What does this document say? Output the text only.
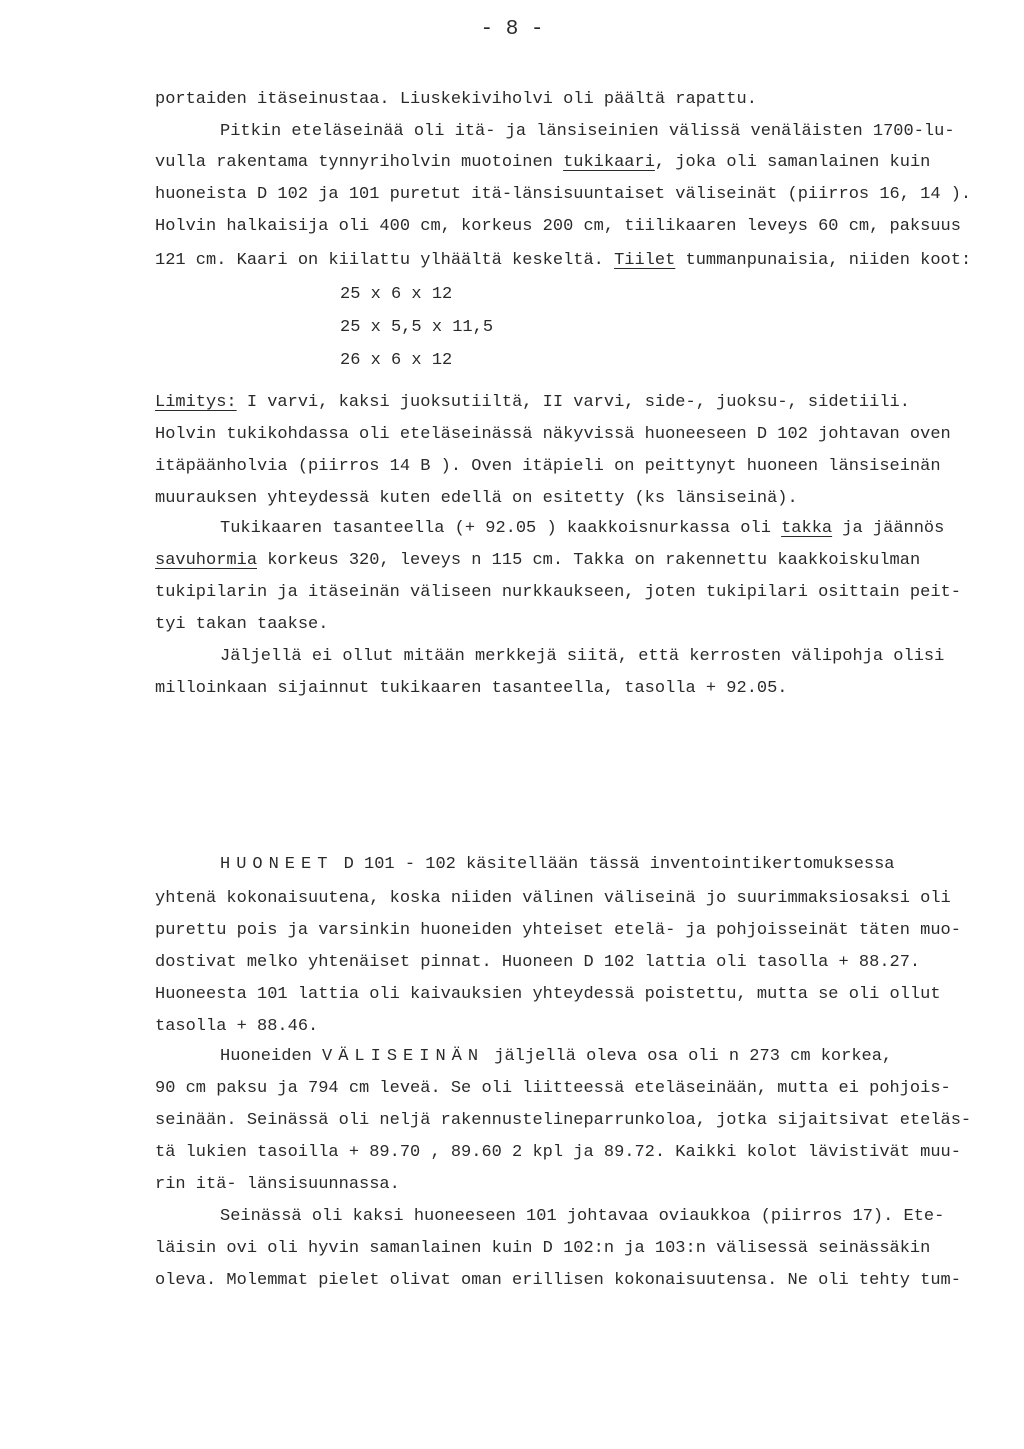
- 8 -
portaiden itäseinustaa. Liuskekiviholvi oli päältä rapattu.
Pitkin eteläseinää oli itä- ja länsiseinien välissä venäläisten 1700-lu-
vulla rakentama tynnyriholvin muotoinen tukikaari, joka oli samanlainen kuin
huoneista D 102 ja 101 puretut itä-länsisuuntaiset väliseinät (piirros 16, 14 ).
Holvin halkaisija oli 400 cm, korkeus 200 cm, tiilikaaren leveys 60 cm, paksuus
121 cm. Kaari on kiilattu ylhäältä keskeltä. Tiilet tummanpunaisia, niiden koot:
25 x 6 x 12
25 x 5,5 x 11,5
26 x 6 x 12
Limitys: I varvi, kaksi juoksutiiltä, II varvi, side-, juoksu-, sidetiili.
Holvin tukikohdassa oli eteläseinässä näkyvissä huoneeseen D 102 johtavan oven
itäpäänholvia (piirros 14 B ). Oven itäpieli on peittynyt huoneen länsiseinän
muurauksen yhteydessä kuten edellä on esitetty (ks länsiseinä).
Tukikaaren tasanteella (+ 92.05 ) kaakkoisnurkassa oli takka ja jäännös
savuhormia korkeus 320, leveys n 115 cm. Takka on rakennettu kaakkoiskulman
tukipilarin ja itäseinän väliseen nurkkaukseen, joten tukipilari osittain peit-
tyi takan taakse.
Jäljellä ei ollut mitään merkkejä siitä, että kerrosten välipohja olisi
milloinkaan sijainnut tukikaaren tasanteella, tasolla + 92.05.
HUONEET D 101 - 102 käsitellään tässä inventointikertomuksessa
yhtenä kokonaisuutena, koska niiden välinen väliseinä jo suurimmaksiosaksi oli
purettu pois ja varsinkin huoneiden yhteiset etelä- ja pohjoisseinät täten muo-
dostivat melko yhtenäiset pinnat. Huoneen D 102 lattia oli tasolla + 88.27.
Huoneesta 101 lattia oli kaivauksien yhteydessä poistettu, mutta se oli ollut
tasolla + 88.46.
Huoneiden VÄLISEINÄN jäljellä oleva osa oli n 273 cm korkea,
90 cm paksu ja 794 cm leveä. Se oli liitteessä eteläseinään, mutta ei pohjois-
seinään. Seinässä oli neljä rakennustelineparrunkoloa, jotka sijaitsivat eteläs-
tä lukien tasoilla + 89.70 , 89.60 2 kpl ja 89.72. Kaikki kolot lävistivät muu-
rin itä- länsisuunnassa.
Seinässä oli kaksi huoneeseen 101 johtavaa oviaukkoa (piirros 17). Ete-
läisin ovi oli hyvin samanlainen kuin D 102:n ja 103:n välisessä seinässäkin
oleva. Molemmat pielet olivat oman erillisen kokonaisuutensa. Ne oli tehty tum-
